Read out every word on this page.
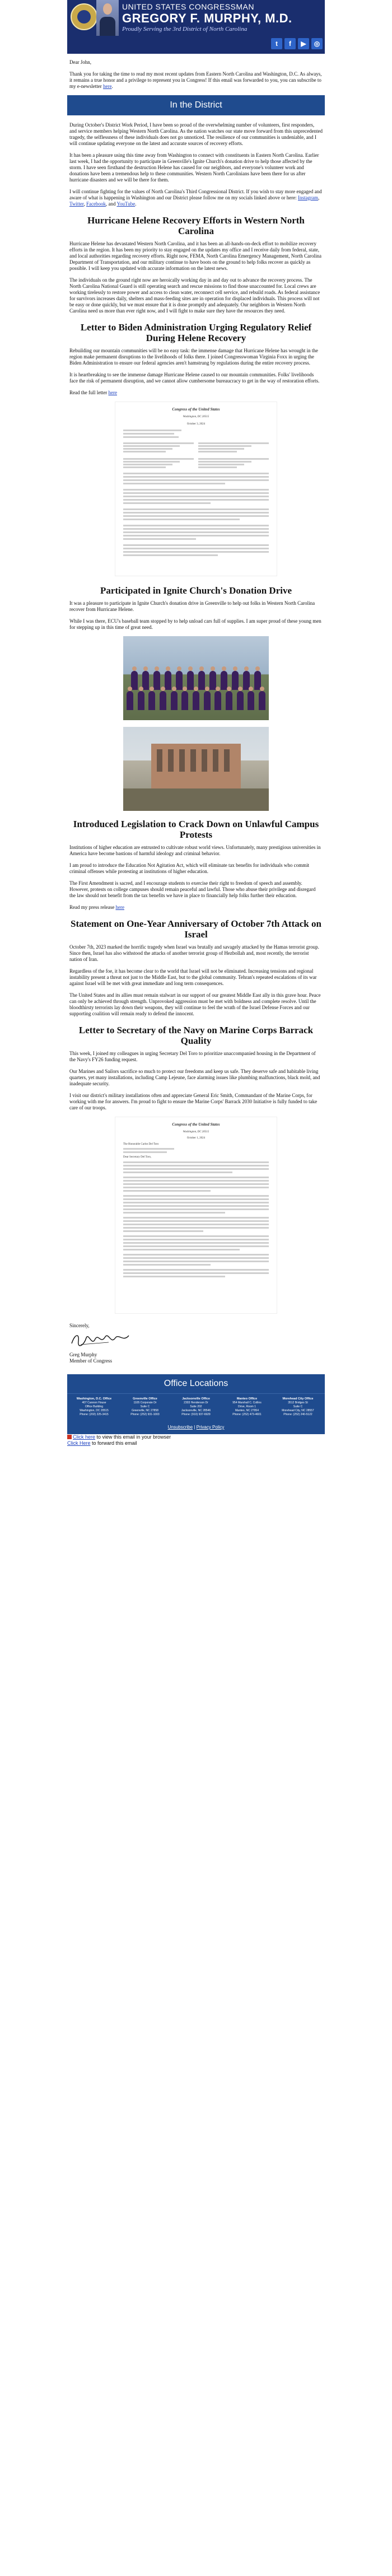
UNITED STATES CONGRESSMAN
GREGORY F. MURPHY, M.D.
Proudly Serving the 3rd District of North Carolina
t	f	▶	◎

Dear John,

Thank you for taking the time to read my most recent updates from Eastern North Carolina and Washington, D.C. As always, it remains a true honor and a privilege to represent you in Congress! If this email was forwarded to you, you can subscribe to my e-newsletter here.

In the District

During October's District Work Period, I have been so proud of the overwhelming number of volunteers, first responders, and service members helping Western North Carolina. As the nation watches our state move forward from this unprecedented tragedy, the selflessness of these individuals does not go unnoticed. The resilience of our communities is undeniable, and I will continue updating everyone on the latest and accurate sources of recovery efforts.

It has been a pleasure using this time away from Washington to connect with constituents in Eastern North Carolina. Earlier last week, I had the opportunity to participate in Greenville's Ignite Church's donation drive to help those affected by the storm. I have seen firsthand the destruction Helene has caused for our neighbors, and everyone's volunteer work and donations have been a tremendous help to these communities. Western North Carolinians have been there for us after hurricane disasters and we will be there for them.

I will continue fighting for the values of North Carolina's Third Congressional District. If you wish to stay more engaged and aware of what is happening in Washington and our District please follow me on my socials linked above or here: Instagram, Twitter, Facebook, and YouTube.

Hurricane Helene Recovery Efforts in Western North Carolina

Hurricane Helene has devastated Western North Carolina, and it has been an all-hands-on-deck effort to mobilize recovery efforts in the region. It has been my priority to stay engaged on the updates my office and I receive daily from federal, state, and local authorities regarding recovery efforts. Right now, FEMA, North Carolina Emergency Management, North Carolina Department of Transportation, and our military continue to have boots on the ground to help folks recover as quickly as possible. I will keep you updated with accurate information on the latest news.

The individuals on the ground right now are heroically working day in and day out to advance the recovery process. The North Carolina National Guard is still operating search and rescue missions to find those unaccounted for. Local crews are working tirelessly to restore power and access to clean water, reconnect cell service, and rebuild roads. As federal assistance for survivors increases daily, shelters and mass-feeding sites are in operation for displaced individuals. This process will not be easy or done quickly, but we must ensure that it is done promptly and adequately. Our neighbors in Western North Carolina need us more than ever right now, and I will fight to make sure they have the resources they need.

Letter to Biden Administration Urging Regulatory Relief During Helene Recovery

Rebuilding our mountain communities will be no easy task: the immense damage that Hurricane Helene has wrought in the region make permanent disruptions to the livelihoods of folks there. I joined Congresswoman Virginia Foxx in urging the Biden Administration to ensure our federal agencies aren't hamstrung by regulations during the entire recovery process.

It is heartbreaking to see the immense damage Hurricane Helene caused to our mountain communities. Folks' livelihoods face the risk of permanent disruption, and we cannot allow cumbersome bureaucracy to get in the way of restoration efforts.

Read the full letter here

Congress of the United States
Washington, DC 20515
October 3, 2024
Participated in Ignite Church's Donation Drive

It was a pleasure to participate in Ignite Church's donation drive in Greenville to help out folks in Western North Carolina recover from Hurricane Helene.

While I was there, ECU's baseball team stopped by to help unload cars full of supplies. I am super proud of these young men for stepping up in this time of great need.

Introduced Legislation to Crack Down on Unlawful Campus Protests

Institutions of higher education are entrusted to cultivate robust world views. Unfortunately, many prestigious universities in America have become bastions of harmful ideology and criminal behavior.

I am proud to introduce the Education Not Agitation Act, which will eliminate tax benefits for individuals who commit criminal offenses while protesting at institutions of higher education.

The First Amendment is sacred, and I encourage students to exercise their right to freedom of speech and assembly. However, protests on college campuses should remain peaceful and lawful. Those who abuse their privilege and disregard the law should not benefit from the tax benefits we have in place to financially help folks further their education.

Read my press release here

Statement on One-Year Anniversary of October 7th Attack on Israel

October 7th, 2023 marked the horrific tragedy when Israel was brutally and savagely attacked by the Hamas terrorist group. Since then, Israel has also withstood the attacks of another terrorist group of Hezbollah and, most recently, the terrorist nation of Iran.

Regardless of the foe, it has become clear to the world that Israel will not be eliminated. Increasing tensions and regional instability present a threat not just to the Middle East, but to the global community. Tehran's repeated escalations of its war against Israel will be met with great immediate and long term consequences.

The United States and its allies must remain stalwart in our support of our greatest Middle East ally in this grave hour. Peace can only be achieved through strength. Unprovoked aggression must be met with boldness and complete resolve. Until the bloodthirsty terrorists lay down their weapons, they will continue to feel the wrath of the Israel Defense Forces and our supporting coalition will remain ready to defend the innocent.

Letter to Secretary of the Navy on Marine Corps Barrack Quality

This week, I joined my colleagues in urging Secretary Del Toro to prioritize unaccompanied housing in the Department of the Navy's FY26 funding request.

Our Marines and Sailors sacrifice so much to protect our freedoms and keep us safe. They deserve safe and habitable living quarters, yet many installations, including Camp Lejeune, face alarming issues like plumbing malfunctions, black mold, and inadequate security.

I visit our district's military installations often and appreciate General Eric Smith, Commandant of the Marine Corps, for working with me for answers. I'm proud to fight to ensure the Marine Corps' Barrack 2030 Initiative is fully funded to take care of our troops.

Congress of the United States
Washington, DC 20515
October 1, 2024
The Honorable Carlos Del Toro
Dear Secretary Del Toro,
Sincerely,
Greg Murphy
Member of Congress
Office Locations
Washington, D.C. Office
407 Cannon House
Office Building
Washington, DC 20515
Phone: (202) 225-3415
Greenville Office
1105 Corporate Dr
Suite C
Greenville, NC 27858
Phone: (252) 931-1003
Jacksonville Office
2303 Henderson Dr
Suite 202
Jacksonville, NC 28546
Phone: (910) 937-6929
Manteo Office
954 Marshall C. Collins
Drive, Room 1
Manteo, NC 27954
Phone: (252) 473-4601
Morehead City Office
3512 Bridges St
Suite C
Morehead City, NC 28557
Phone: (252) 240-5122
Unsubscribe | Privacy Policy
Click here to view this email in your browser
Click Here to forward this email
